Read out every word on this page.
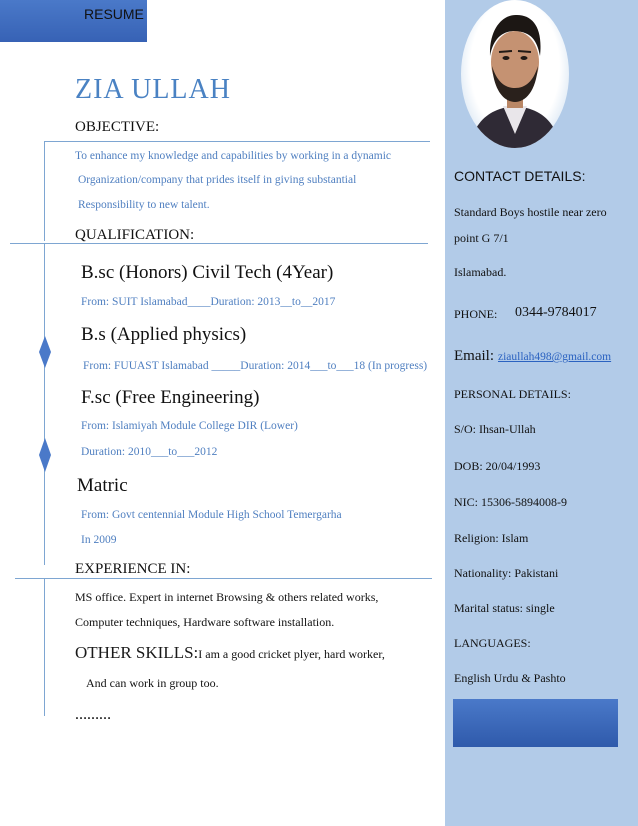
RESUME
ZIA ULLAH
OBJECTIVE:
To enhance my knowledge and capabilities by working in a dynamic
Organization/company that prides itself in giving substantial
Responsibility to new talent.
QUALIFICATION:
B.sc (Honors) Civil Tech (4Year)
From: SUIT Islamabad____Duration: 2013__to__2017
B.s (Applied physics)
From: FUUAST Islamabad _____Duration: 2014___to___18 (In progress)
F.sc (Free Engineering)
From: Islamiyah Module College DIR (Lower)
Duration: 2010___to___2012
Matric
From: Govt centennial Module High School Temergarha
In 2009
EXPERIENCE IN:
MS office. Expert in internet Browsing & others related works,
Computer techniques, Hardware software installation.
OTHER SKILLS:I am a good cricket plyer, hard worker,
And can work in group too.
………
CONTACT DETAILS:
Standard Boys hostile near zero
point G 7/1
Islamabad.
PHONE: 0344-9784017
Email: ziaullah498@gmail.com
PERSONAL DETAILS:
S/O: Ihsan-Ullah
DOB: 20/04/1993
NIC: 15306-5894008-9
Religion: Islam
Nationality: Pakistani
Marital status: single
LANGUAGES:
English Urdu & Pashto
